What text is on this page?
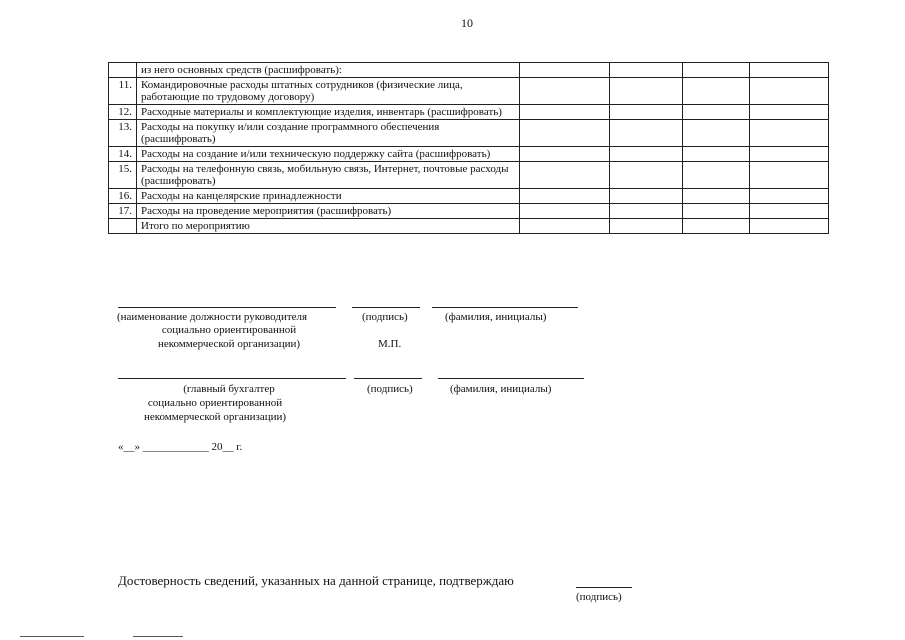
10
	из него основных средств (расшифровать):				
11.	Командировочные расходы штатных сотрудников (физические лица, работающие по трудовому договору)				
12.	Расходные материалы и комплектующие изделия, инвентарь (расшифровать)				
13.	Расходы на покупку и/или создание программного обеспечения (расшифровать)				
14.	Расходы на создание и/или техническую поддержку сайта (расшифровать)				
15.	Расходы на телефонную связь, мобильную связь, Интернет, почтовые расходы (расшифровать)				
16.	Расходы на канцелярские принадлежности				
17.	Расходы на проведение мероприятия (расшифровать)				
	Итого по мероприятию				
(наименование должности руководителя
социально ориентированной
некоммерческой организации)
(подпись)	(фамилия, инициалы)
М.П.
(главный бухгалтер
социально ориентированной
некоммерческой организации)
(подпись)	(фамилия, инициалы)
«__» ____________ 20__ г.
Достоверность сведений, указанных на данной странице, подтверждаю
(подпись)
